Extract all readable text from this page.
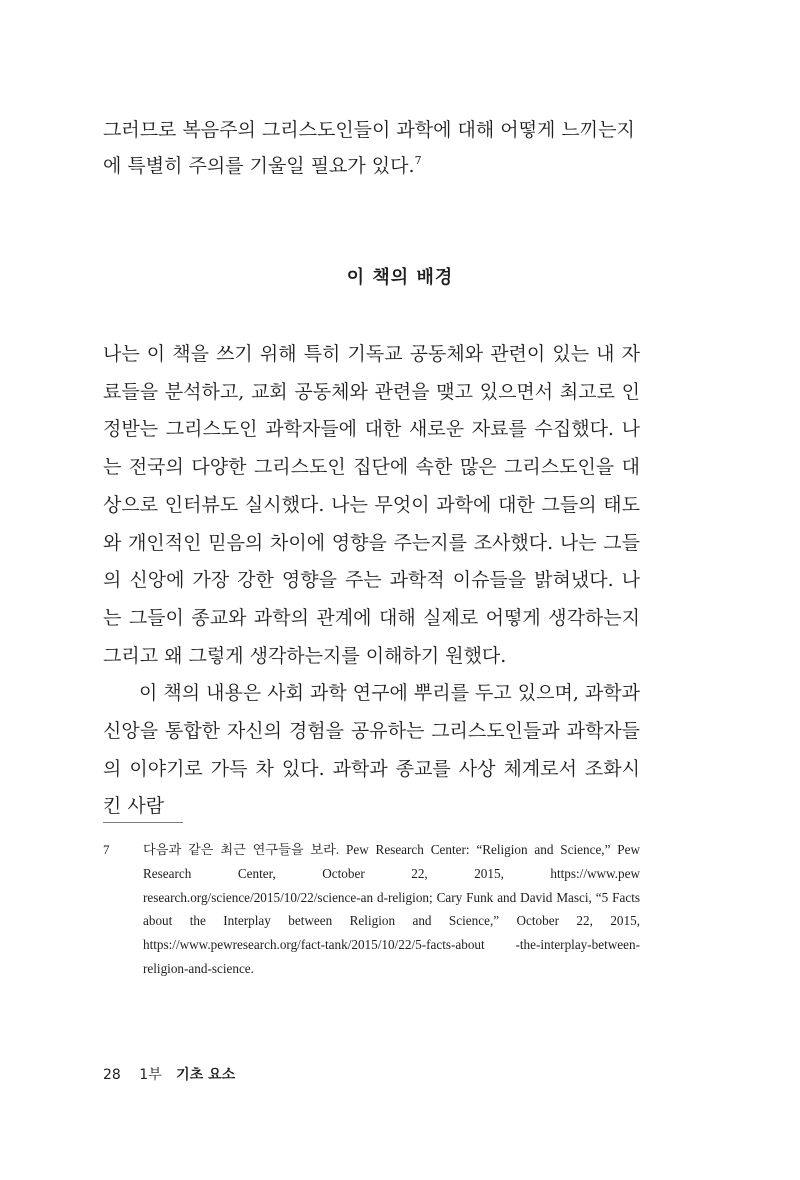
그러므로 복음주의 그리스도인들이 과학에 대해 어떻게 느끼는지에 특별히 주의를 기울일 필요가 있다.$^7$

이 책의 배경

나는 이 책을 쓰기 위해 특히 기독교 공동체와 관련이 있는 내 자료들을 분석하고, 교회 공동체와 관련을 맺고 있으면서 최고로 인정받는 그리스도인 과학자들에 대한 새로운 자료를 수집했다. 나는 전국의 다양한 그리스도인 집단에 속한 많은 그리스도인을 대상으로 인터뷰도 실시했다. 나는 무엇이 과학에 대한 그들의 태도와 개인적인 믿음의 차이에 영향을 주는지를 조사했다. 나는 그들의 신앙에 가장 강한 영향을 주는 과학적 이슈들을 밝혀냈다. 나는 그들이 종교와 과학의 관계에 대해 실제로 어떻게 생각하는지 그리고 왜 그렇게 생각하는지를 이해하기 원했다.

이 책의 내용은 사회 과학 연구에 뿌리를 두고 있으며, 과학과 신앙을 통합한 자신의 경험을 공유하는 그리스도인들과 과학자들의 이야기로 가득 차 있다. 과학과 종교를 사상 체계로서 조화시킨 사람

7	다음과 같은 최근 연구들을 보라. Pew Research Center: “Religion and Science,” Pew Research Center, October 22, 2015, https://www.pew research.org/science/2015/10/22/science-an d-religion; Cary Funk and David Masci, “5 Facts about the Interplay between Religion and Science,” October 22, 2015, https://www.pewresearch.org/fact-tank/2015/10/22/5-facts-about -the-interplay-between-religion-and-science.

28 1부 기초 요소
